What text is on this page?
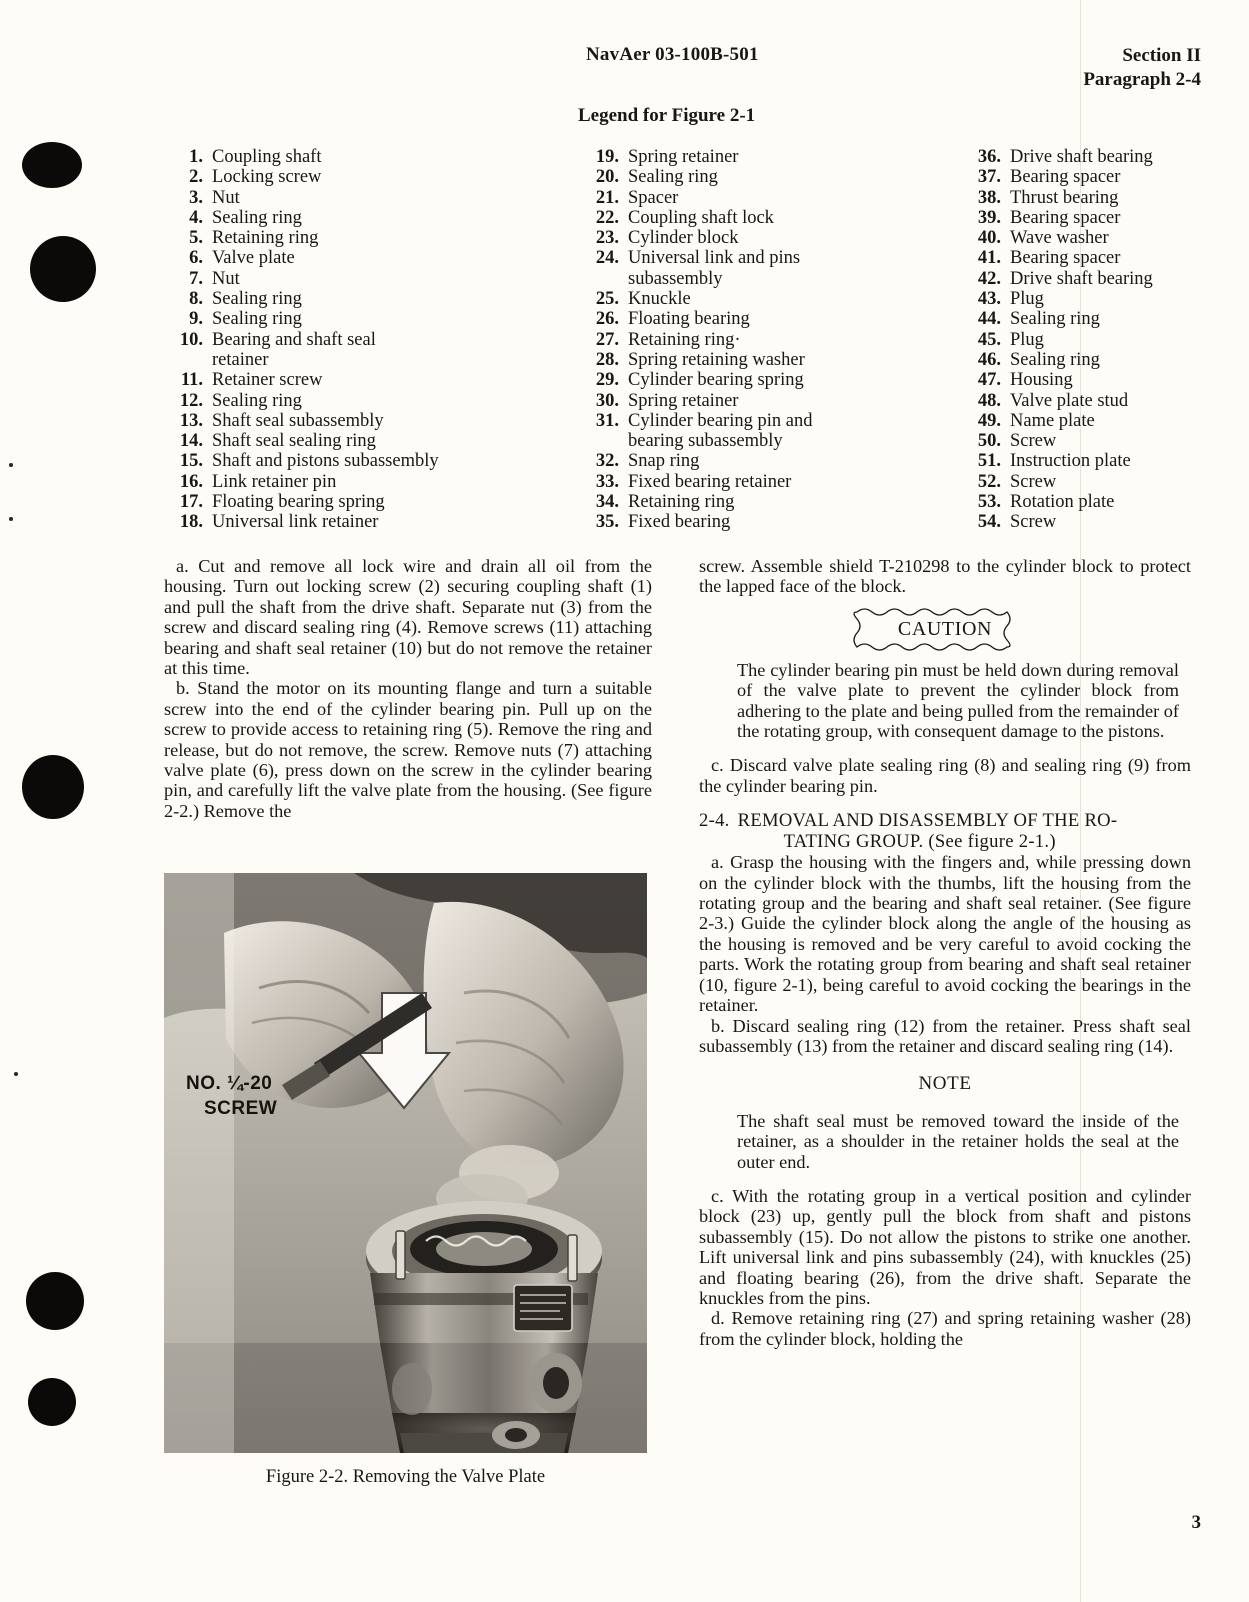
NavAer 03-100B-501	Section II
Paragraph 2-4
Legend for Figure 2-1
1. Coupling shaft
2. Locking screw
3. Nut
4. Sealing ring
5. Retaining ring
6. Valve plate
7. Nut
8. Sealing ring
9. Sealing ring
10. Bearing and shaft seal
retainer
11. Retainer screw
12. Sealing ring
13. Shaft seal subassembly
14. Shaft seal sealing ring
15. Shaft and pistons subassembly
16. Link retainer pin
17. Floating bearing spring
18. Universal link retainer
19. Spring retainer
20. Sealing ring
21. Spacer
22. Coupling shaft lock
23. Cylinder block
24. Universal link and pins
subassembly
25. Knuckle
26. Floating bearing
27. Retaining ring·
28. Spring retaining washer
29. Cylinder bearing spring
30. Spring retainer
31. Cylinder bearing pin and
bearing subassembly
32. Snap ring
33. Fixed bearing retainer
34. Retaining ring
35. Fixed bearing
36. Drive shaft bearing
37. Bearing spacer
38. Thrust bearing
39. Bearing spacer
40. Wave washer
41. Bearing spacer
42. Drive shaft bearing
43. Plug
44. Sealing ring
45. Plug
46. Sealing ring
47. Housing
48. Valve plate stud
49. Name plate
50. Screw
51. Instruction plate
52. Screw
53. Rotation plate
54. Screw

a. Cut and remove all lock wire and drain all oil from the housing. Turn out locking screw (2) securing coupling shaft (1) and pull the shaft from the drive shaft. Separate nut (3) from the screw and discard sealing ring (4). Remove screws (11) attaching bearing and shaft seal retainer (10) but do not remove the retainer at this time.

b. Stand the motor on its mounting flange and turn a suitable screw into the end of the cylinder bearing pin. Pull up on the screw to provide access to retaining ring (5). Remove the ring and release, but do not remove, the screw. Remove nuts (7) attaching valve plate (6), press down on the screw in the cylinder bearing pin, and carefully lift the valve plate from the housing. (See figure 2-2.) Remove the

NO. ¼-20
SCREW
Figure 2-2. Removing the Valve Plate

screw. Assemble shield T-210298 to the cylinder block to protect the lapped face of the block.

CAUTION

The cylinder bearing pin must be held down during removal of the valve plate to prevent the cylinder block from adhering to the plate and being pulled from the remainder of the rotating group, with consequent damage to the pistons.

c. Discard valve plate sealing ring (8) and sealing ring (9) from the cylinder bearing pin.

2-4. REMOVAL AND DISASSEMBLY OF THE RO-
TATING GROUP. (See figure 2-1.)

a. Grasp the housing with the fingers and, while pressing down on the cylinder block with the thumbs, lift the housing from the rotating group and the bearing and shaft seal retainer. (See figure 2-3.) Guide the cylinder block along the angle of the housing as the housing is removed and be very careful to avoid cocking the parts. Work the rotating group from bearing and shaft seal retainer (10, figure 2-1), being careful to avoid cocking the bearings in the retainer.

b. Discard sealing ring (12) from the retainer. Press shaft seal subassembly (13) from the retainer and discard sealing ring (14).

NOTE

The shaft seal must be removed toward the inside of the retainer, as a shoulder in the retainer holds the seal at the outer end.

c. With the rotating group in a vertical position and cylinder block (23) up, gently pull the block from shaft and pistons subassembly (15). Do not allow the pistons to strike one another. Lift universal link and pins subassembly (24), with knuckles (25) and floating bearing (26), from the drive shaft. Separate the knuckles from the pins.

d. Remove retaining ring (27) and spring retaining washer (28) from the cylinder block, holding the

3
